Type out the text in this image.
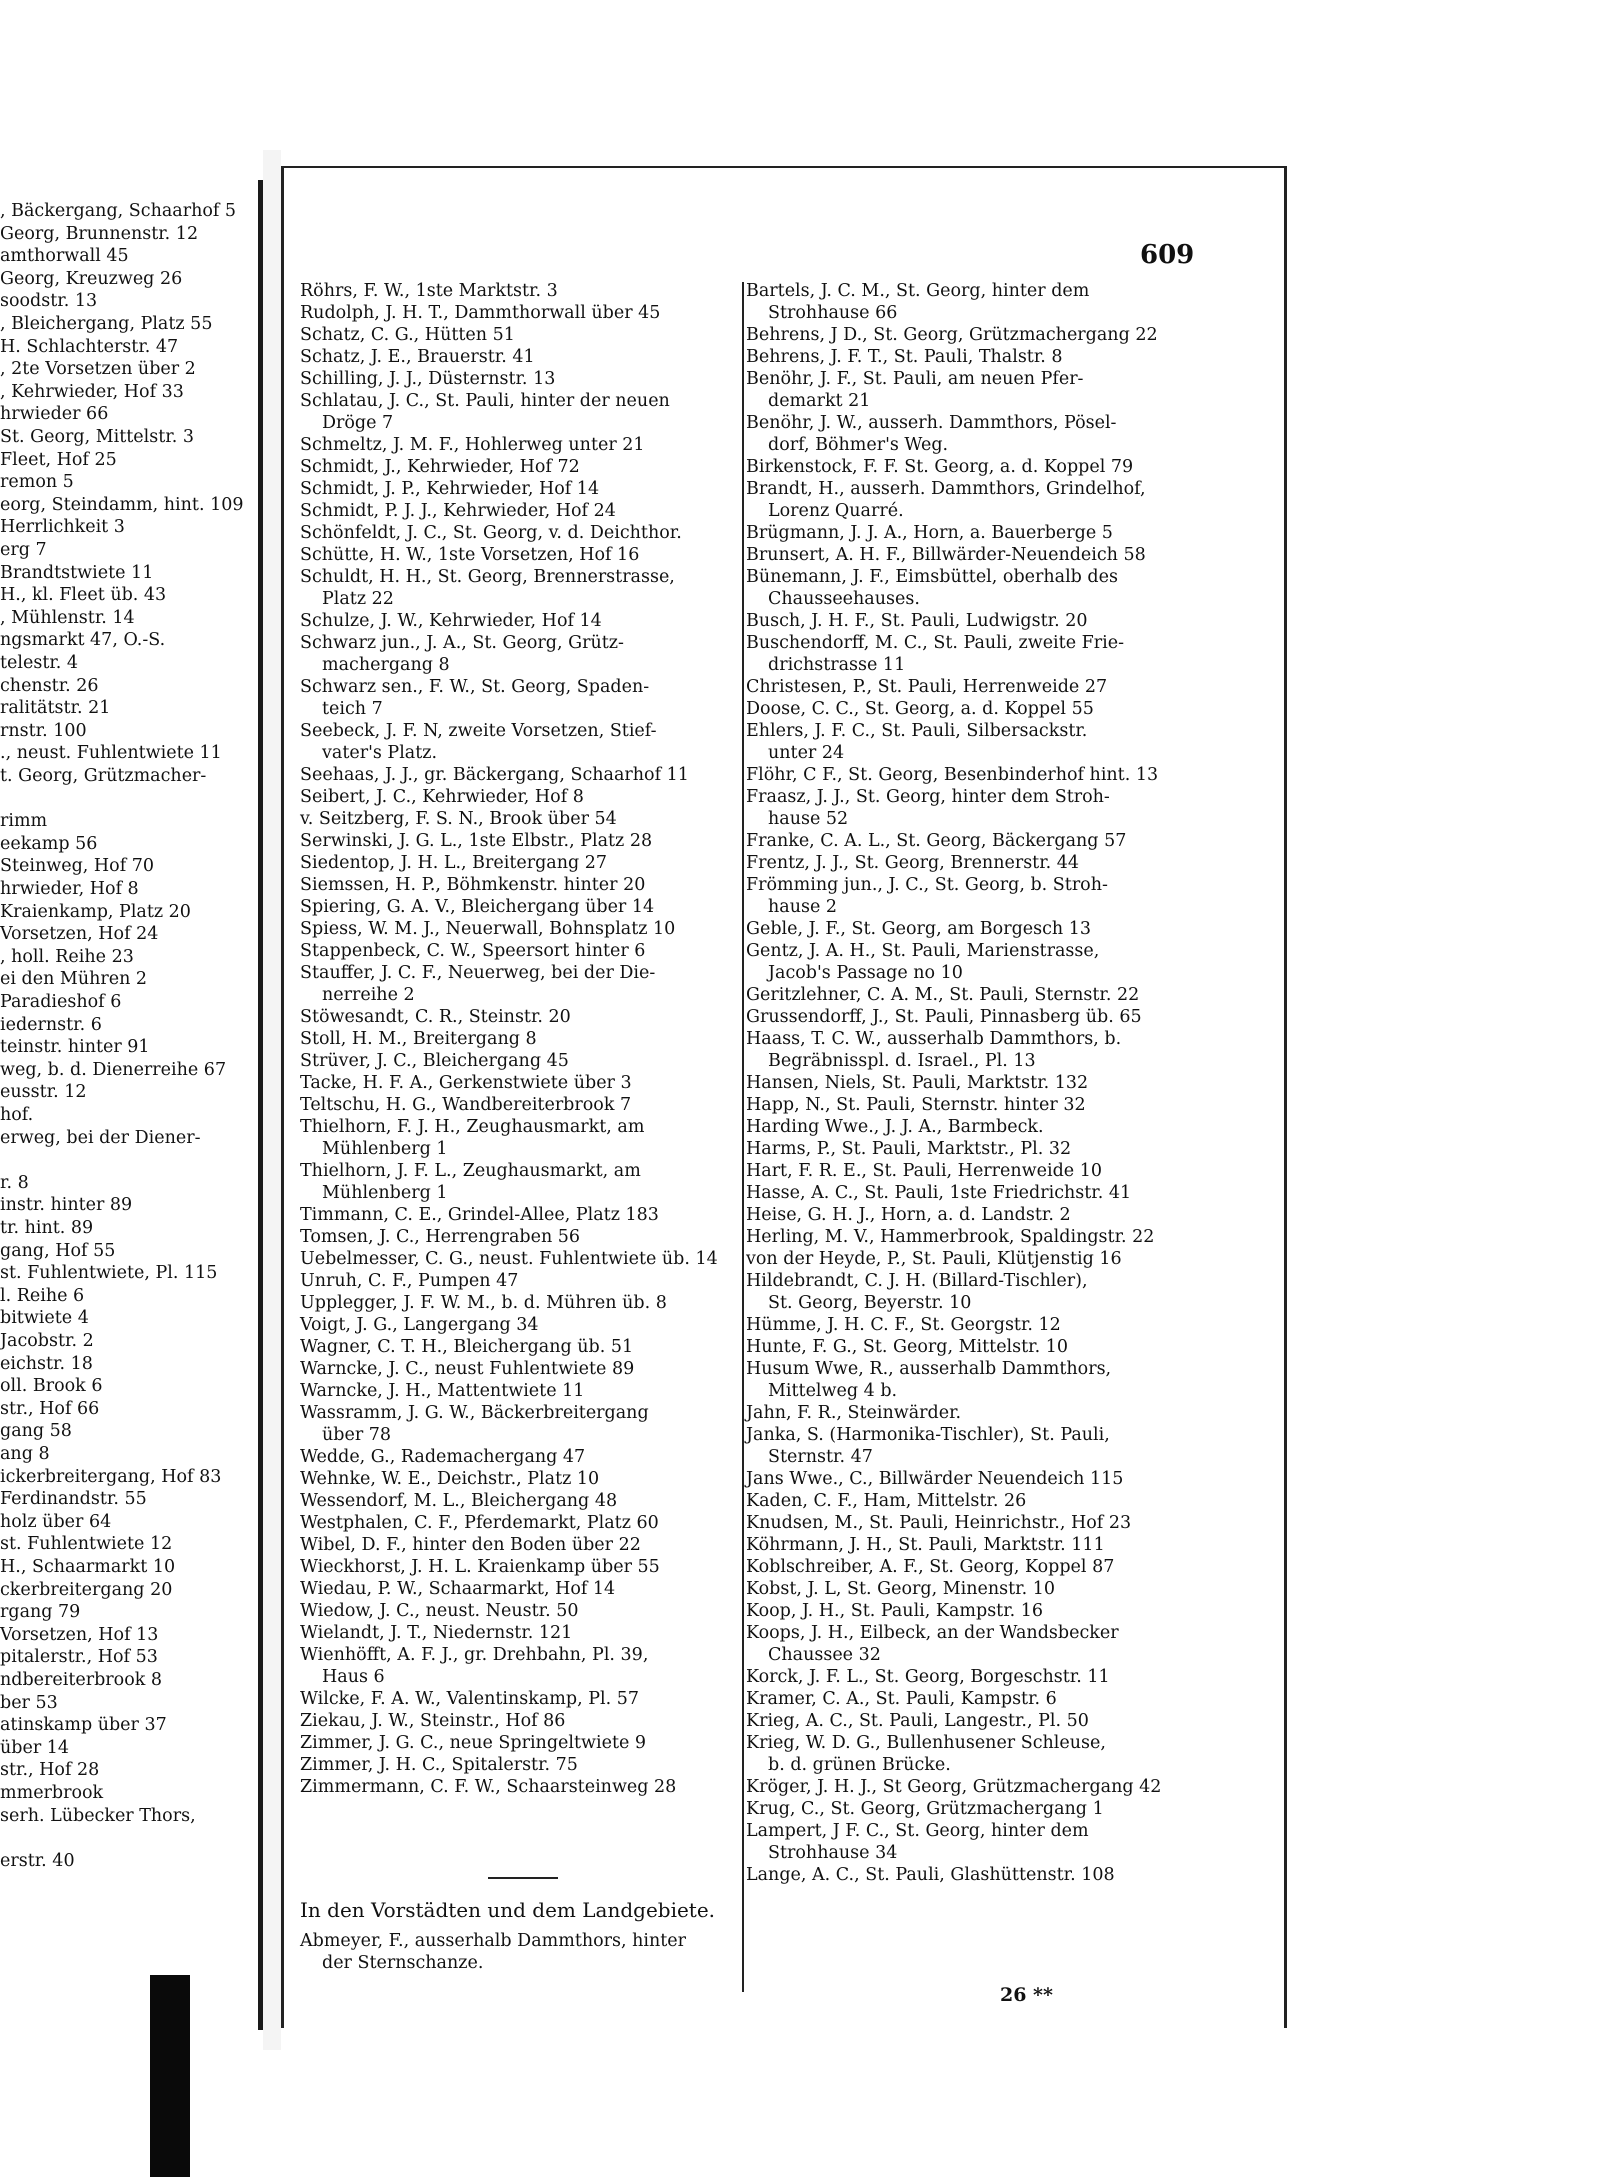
, Bäckergang, Schaarhof 5
Georg, Brunnenstr. 12
amthorwall 45
Georg, Kreuzweg 26
soodstr. 13
, Bleichergang, Platz 55
H. Schlachterstr. 47
, 2te Vorsetzen über 2
, Kehrwieder, Hof 33
hrwieder 66
St. Georg, Mittelstr. 3
Fleet, Hof 25
remon 5
eorg, Steindamm, hint. 109
Herrlichkeit 3
erg 7
Brandtstwiete 11
H., kl. Fleet üb. 43
, Mühlenstr. 14
ngsmarkt 47, O.-S.
telestr. 4
chenstr. 26
ralitätstr. 21
rnstr. 100
., neust. Fuhlentwiete 11
t. Georg, Grützmacher-
rimm
eekamp 56
Steinweg, Hof 70
hrwieder, Hof 8
Kraienkamp, Platz 20
Vorsetzen, Hof 24
, holl. Reihe 23
ei den Mühren 2
Paradieshof 6
iedernstr. 6
teinstr. hinter 91
weg, b. d. Dienerreihe 67
eusstr. 12
hof.
erweg, bei der Diener-
r. 8
instr. hinter 89
tr. hint. 89
gang, Hof 55
st. Fuhlentwiete, Pl. 115
l. Reihe 6
bitwiete 4
Jacobstr. 2
eichstr. 18
oll. Brook 6
str., Hof 66
gang 58
ang 8
ickerbreitergang, Hof 83
Ferdinandstr. 55
holz über 64
st. Fuhlentwiete 12
H., Schaarmarkt 10
ckerbreitergang 20
rgang 79
Vorsetzen, Hof 13
pitalerstr., Hof 53
ndbereiterbrook 8
ber 53
atinskamp über 37
über 14
str., Hof 28
mmerbrook
serh. Lübecker Thors,
erstr. 40
609
Röhrs, F. W., 1ste Marktstr. 3
Rudolph, J. H. T., Dammthorwall über 45
Schatz, C. G., Hütten 51
Schatz, J. E., Brauerstr. 41
Schilling, J. J., Düsternstr. 13
Schlatau, J. C., St. Pauli, hinter der neuen
Dröge 7
Schmeltz, J. M. F., Hohlerweg unter 21
Schmidt, J., Kehrwieder, Hof 72
Schmidt, J. P., Kehrwieder, Hof 14
Schmidt, P. J. J., Kehrwieder, Hof 24
Schönfeldt, J. C., St. Georg, v. d. Deichthor.
Schütte, H. W., 1ste Vorsetzen, Hof 16
Schuldt, H. H., St. Georg, Brennerstrasse,
Platz 22
Schulze, J. W., Kehrwieder, Hof 14
Schwarz jun., J. A., St. Georg, Grütz-
machergang 8
Schwarz sen., F. W., St. Georg, Spaden-
teich 7
Seebeck, J. F. N, zweite Vorsetzen, Stief-
vater's Platz.
Seehaas, J. J., gr. Bäckergang, Schaarhof 11
Seibert, J. C., Kehrwieder, Hof 8
v. Seitzberg, F. S. N., Brook über 54
Serwinski, J. G. L., 1ste Elbstr., Platz 28
Siedentop, J. H. L., Breitergang 27
Siemssen, H. P., Böhmkenstr. hinter 20
Spiering, G. A. V., Bleichergang über 14
Spiess, W. M. J., Neuerwall, Bohnsplatz 10
Stappenbeck, C. W., Speersort hinter 6
Stauffer, J. C. F., Neuerweg, bei der Die-
nerreihe 2
Stöwesandt, C. R., Steinstr. 20
Stoll, H. M., Breitergang 8
Strüver, J. C., Bleichergang 45
Tacke, H. F. A., Gerkenstwiete über 3
Teltschu, H. G., Wandbereiterbrook 7
Thielhorn, F. J. H., Zeughausmarkt, am
Mühlenberg 1
Thielhorn, J. F. L., Zeughausmarkt, am
Mühlenberg 1
Timmann, C. E., Grindel-Allee, Platz 183
Tomsen, J. C., Herrengraben 56
Uebelmesser, C. G., neust. Fuhlentwiete üb. 14
Unruh, C. F., Pumpen 47
Upplegger, J. F. W. M., b. d. Mühren üb. 8
Voigt, J. G., Langergang 34
Wagner, C. T. H., Bleichergang üb. 51
Warncke, J. C., neust Fuhlentwiete 89
Warncke, J. H., Mattentwiete 11
Wassramm, J. G. W., Bäckerbreitergang
über 78
Wedde, G., Rademachergang 47
Wehnke, W. E., Deichstr., Platz 10
Wessendorf, M. L., Bleichergang 48
Westphalen, C. F., Pferdemarkt, Platz 60
Wibel, D. F., hinter den Boden über 22
Wieckhorst, J. H. L. Kraienkamp über 55
Wiedau, P. W., Schaarmarkt, Hof 14
Wiedow, J. C., neust. Neustr. 50
Wielandt, J. T., Niedernstr. 121
Wienhöfft, A. F. J., gr. Drehbahn, Pl. 39,
Haus 6
Wilcke, F. A. W., Valentinskamp, Pl. 57
Ziekau, J. W., Steinstr., Hof 86
Zimmer, J. G. C., neue Springeltwiete 9
Zimmer, J. H. C., Spitalerstr. 75
Zimmermann, C. F. W., Schaarsteinweg 28
Bartels, J. C. M., St. Georg, hinter dem
Strohhause 66
Behrens, J D., St. Georg, Grützmachergang 22
Behrens, J. F. T., St. Pauli, Thalstr. 8
Benöhr, J. F., St. Pauli, am neuen Pfer-
demarkt 21
Benöhr, J. W., ausserh. Dammthors, Pösel-
dorf, Böhmer's Weg.
Birkenstock, F. F. St. Georg, a. d. Koppel 79
Brandt, H., ausserh. Dammthors, Grindelhof,
Lorenz Quarré.
Brügmann, J. J. A., Horn, a. Bauerberge 5
Brunsert, A. H. F., Billwärder-Neuendeich 58
Bünemann, J. F., Eimsbüttel, oberhalb des
Chausseehauses.
Busch, J. H. F., St. Pauli, Ludwigstr. 20
Buschendorff, M. C., St. Pauli, zweite Frie-
drichstrasse 11
Christesen, P., St. Pauli, Herrenweide 27
Doose, C. C., St. Georg, a. d. Koppel 55
Ehlers, J. F. C., St. Pauli, Silbersackstr.
unter 24
Flöhr, C F., St. Georg, Besenbinderhof hint. 13
Fraasz, J. J., St. Georg, hinter dem Stroh-
hause 52
Franke, C. A. L., St. Georg, Bäckergang 57
Frentz, J. J., St. Georg, Brennerstr. 44
Frömming jun., J. C., St. Georg, b. Stroh-
hause 2
Geble, J. F., St. Georg, am Borgesch 13
Gentz, J. A. H., St. Pauli, Marienstrasse,
Jacob's Passage no 10
Geritzlehner, C. A. M., St. Pauli, Sternstr. 22
Grussendorff, J., St. Pauli, Pinnasberg üb. 65
Haass, T. C. W., ausserhalb Dammthors, b.
Begräbnisspl. d. Israel., Pl. 13
Hansen, Niels, St. Pauli, Marktstr. 132
Happ, N., St. Pauli, Sternstr. hinter 32
Harding Wwe., J. J. A., Barmbeck.
Harms, P., St. Pauli, Marktstr., Pl. 32
Hart, F. R. E., St. Pauli, Herrenweide 10
Hasse, A. C., St. Pauli, 1ste Friedrichstr. 41
Heise, G. H. J., Horn, a. d. Landstr. 2
Herling, M. V., Hammerbrook, Spaldingstr. 22
von der Heyde, P., St. Pauli, Klütjenstig 16
Hildebrandt, C. J. H. (Billard-Tischler),
St. Georg, Beyerstr. 10
Hümme, J. H. C. F., St. Georgstr. 12
Hunte, F. G., St. Georg, Mittelstr. 10
Husum Wwe, R., ausserhalb Dammthors,
Mittelweg 4 b.
Jahn, F. R., Steinwärder.
Janka, S. (Harmonika-Tischler), St. Pauli,
Sternstr. 47
Jans Wwe., C., Billwärder Neuendeich 115
Kaden, C. F., Ham, Mittelstr. 26
Knudsen, M., St. Pauli, Heinrichstr., Hof 23
Köhrmann, J. H., St. Pauli, Marktstr. 111
Koblschreiber, A. F., St. Georg, Koppel 87
Kobst, J. L, St. Georg, Minenstr. 10
Koop, J. H., St. Pauli, Kampstr. 16
Koops, J. H., Eilbeck, an der Wandsbecker
Chaussee 32
Korck, J. F. L., St. Georg, Borgeschstr. 11
Kramer, C. A., St. Pauli, Kampstr. 6
Krieg, A. C., St. Pauli, Langestr., Pl. 50
Krieg, W. D. G., Bullenhusener Schleuse,
b. d. grünen Brücke.
Kröger, J. H. J., St Georg, Grützmachergang 42
Krug, C., St. Georg, Grützmachergang 1
Lampert, J F. C., St. Georg, hinter dem
Strohhause 34
Lange, A. C., St. Pauli, Glashüttenstr. 108
In den Vorstädten und dem Landgebiete.
Abmeyer, F., ausserhalb Dammthors, hinter
der Sternschanze.
26 **
